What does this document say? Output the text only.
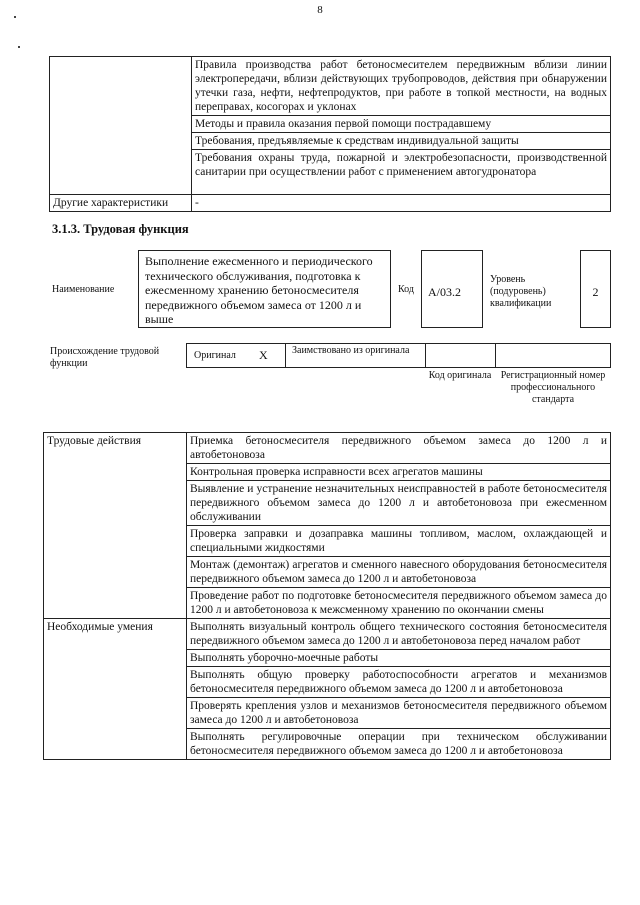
8
	Правила производства работ бетоносмесителем передвижным вблизи линии электропередачи, вблизи действующих трубопроводов, действия при обнаружении утечки газа, нефти, нефтепродуктов, при работе в топкой местности, на водных переправах, косогорах и уклонах
	Методы и правила оказания первой помощи пострадавшему
	Требования, предъявляемые к средствам индивидуальной защиты
	Требования охраны труда, пожарной и электробезопасности, производственной санитарии при осуществлении работ с применением автогудронатора
Другие характеристики	-
3.1.3. Трудовая функция
Наименование
Выполнение ежесменного и периодического технического обслуживания, подготовка к ежесменному хранению бетоносмесителя передвижного объемом замеса от 1200 л и выше
Код А/03.2
Уровень (подуровень) квалификации
2
Происхождение трудовой функции
Оригинал X Заимствовано из оригинала
Код оригинала Регистрационный номер профессионального стандарта
Трудовые действия	Приемка бетоносмесителя передвижного объемом замеса до 1200 л и автобетоновоза
	Контрольная проверка исправности всех агрегатов машины
	Выявление и устранение незначительных неисправностей в работе бетоносмесителя передвижного объемом замеса до 1200 л и автобетоновоза при ежесменном обслуживании
	Проверка заправки и дозаправка машины топливом, маслом, охлаждающей и специальными жидкостями
	Монтаж (демонтаж) агрегатов и сменного навесного оборудования бетоносмесителя передвижного объемом замеса до 1200 л и автобетоновоза
	Проведение работ по подготовке бетоносмесителя передвижного объемом замеса до 1200 л и автобетоновоза к межсменному хранению по окончании смены
Необходимые умения	Выполнять визуальный контроль общего технического состояния бетоносмесителя передвижного объемом замеса до 1200 л и автобетоновоза перед началом работ
	Выполнять уборочно-моечные работы
	Выполнять общую проверку работоспособности агрегатов и механизмов бетоносмесителя передвижного объемом замеса до 1200 л и автобетоновоза
	Проверять крепления узлов и механизмов бетоносмесителя передвижного объемом замеса до 1200 л и автобетоновоза
	Выполнять регулировочные операции при техническом обслуживании бетоносмесителя передвижного объемом замеса до 1200 л и автобетоновоза
